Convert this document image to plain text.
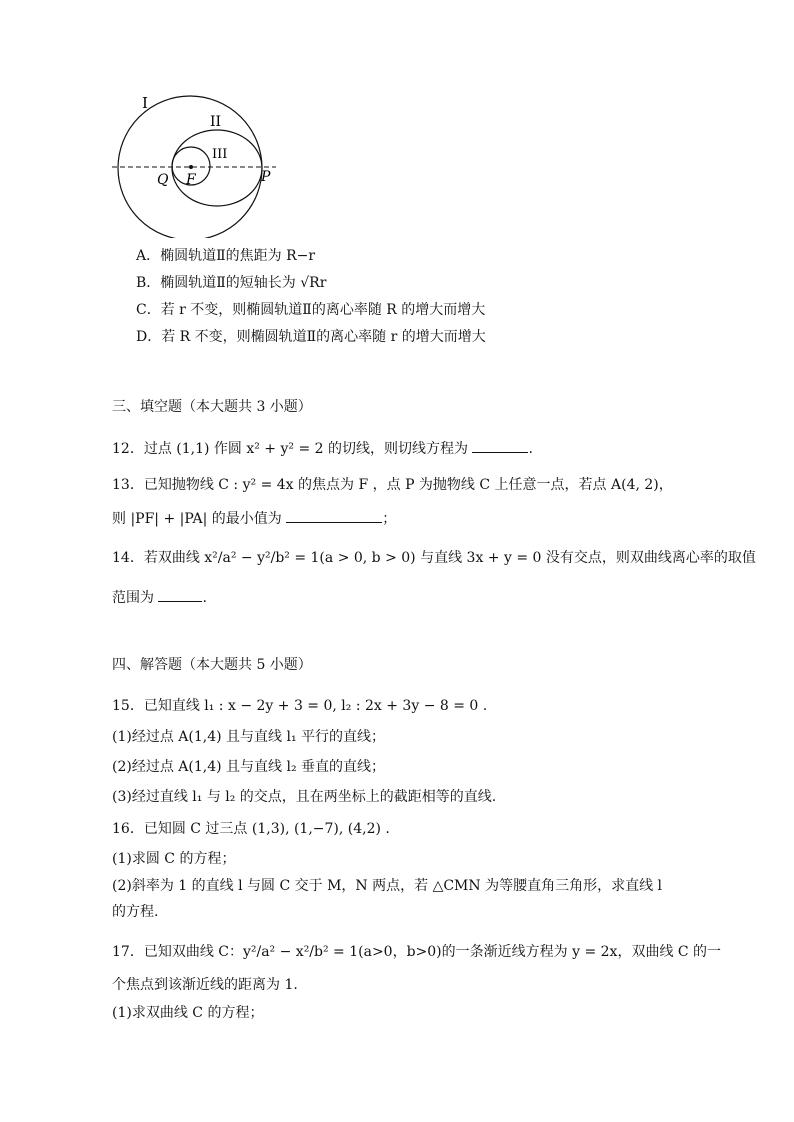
I
II
III
Q F	P
A．椭圆轨道Ⅱ的焦距为 R−r
B．椭圆轨道Ⅱ的短轴长为 √Rr
C．若 r 不变，则椭圆轨道Ⅱ的离心率随 R 的增大而增大
D．若 R 不变，则椭圆轨道Ⅱ的离心率随 r 的增大而增大
三、填空题（本大题共 3 小题）
12．过点 (1,1) 作圆 x² + y² = 2 的切线，则切线方程为	.
13．已知抛物线 C : y² = 4x 的焦点为 F ，点 P 为抛物线 C 上任意一点，若点 A(4, 2)，
则 |PF| + |PA| 的最小值为	；
14．若双曲线 x²/a² − y²/b² = 1(a > 0, b > 0) 与直线 3x + y = 0 没有交点，则双曲线离心率的取值
范围为	.
四、解答题（本大题共 5 小题）
15．已知直线 l₁ : x − 2y + 3 = 0, l₂ : 2x + 3y − 8 = 0 .
(1)经过点 A(1,4) 且与直线 l₁ 平行的直线；
(2)经过点 A(1,4) 且与直线 l₂ 垂直的直线；
(3)经过直线 l₁ 与 l₂ 的交点，且在两坐标上的截距相等的直线.
16．已知圆 C 过三点 (1,3), (1,−7), (4,2) .
(1)求圆 C 的方程；
(2)斜率为 1 的直线 l 与圆 C 交于 M，N 两点，若 △CMN 为等腰直角三角形，求直线 l
的方程.
17．已知双曲线 C：y²/a² − x²/b² = 1(a>0，b>0)的一条渐近线方程为 y = 2x，双曲线 C 的一
个焦点到该渐近线的距离为 1.
(1)求双曲线 C 的方程；
